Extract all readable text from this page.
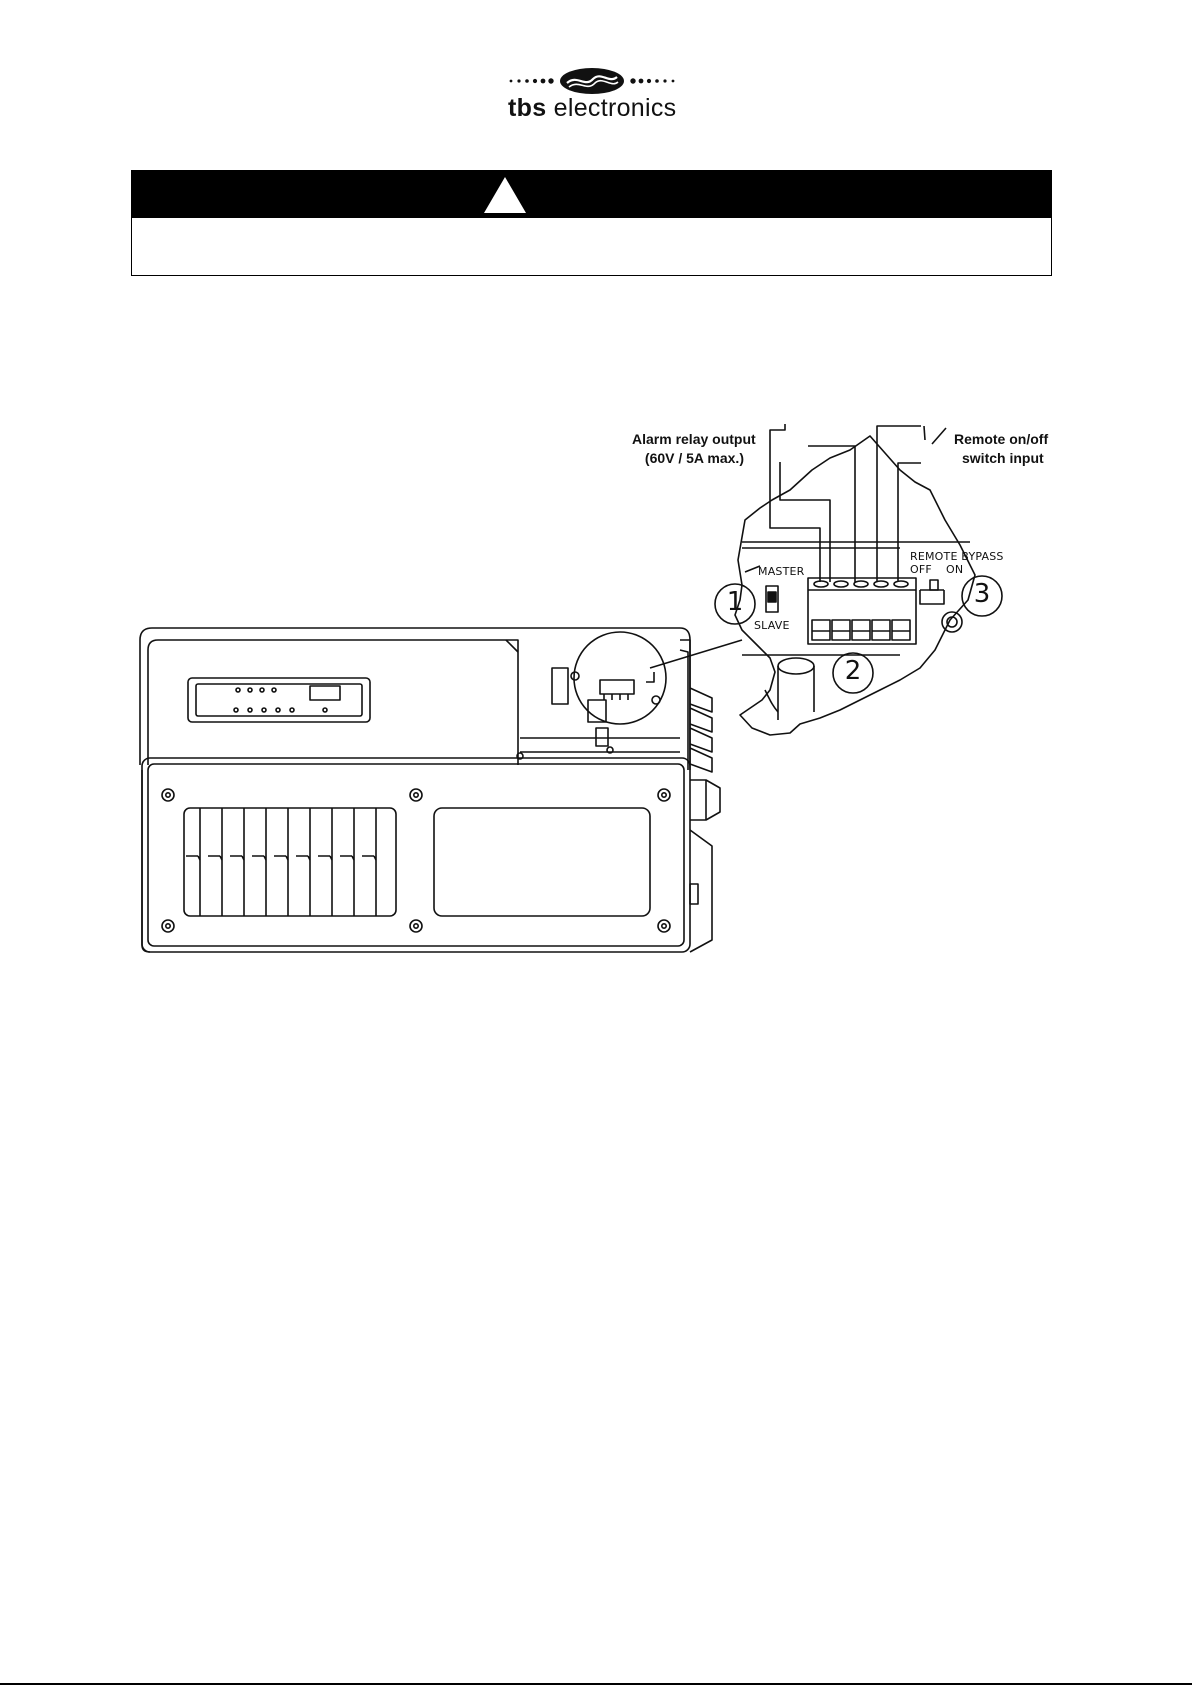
tbs electronics
Alarm relay output
(60V / 5A max.)
Remote on/off
switch input
MASTER
SLAVE
REMOTE BYPASS
OFF ON
1
2
3
